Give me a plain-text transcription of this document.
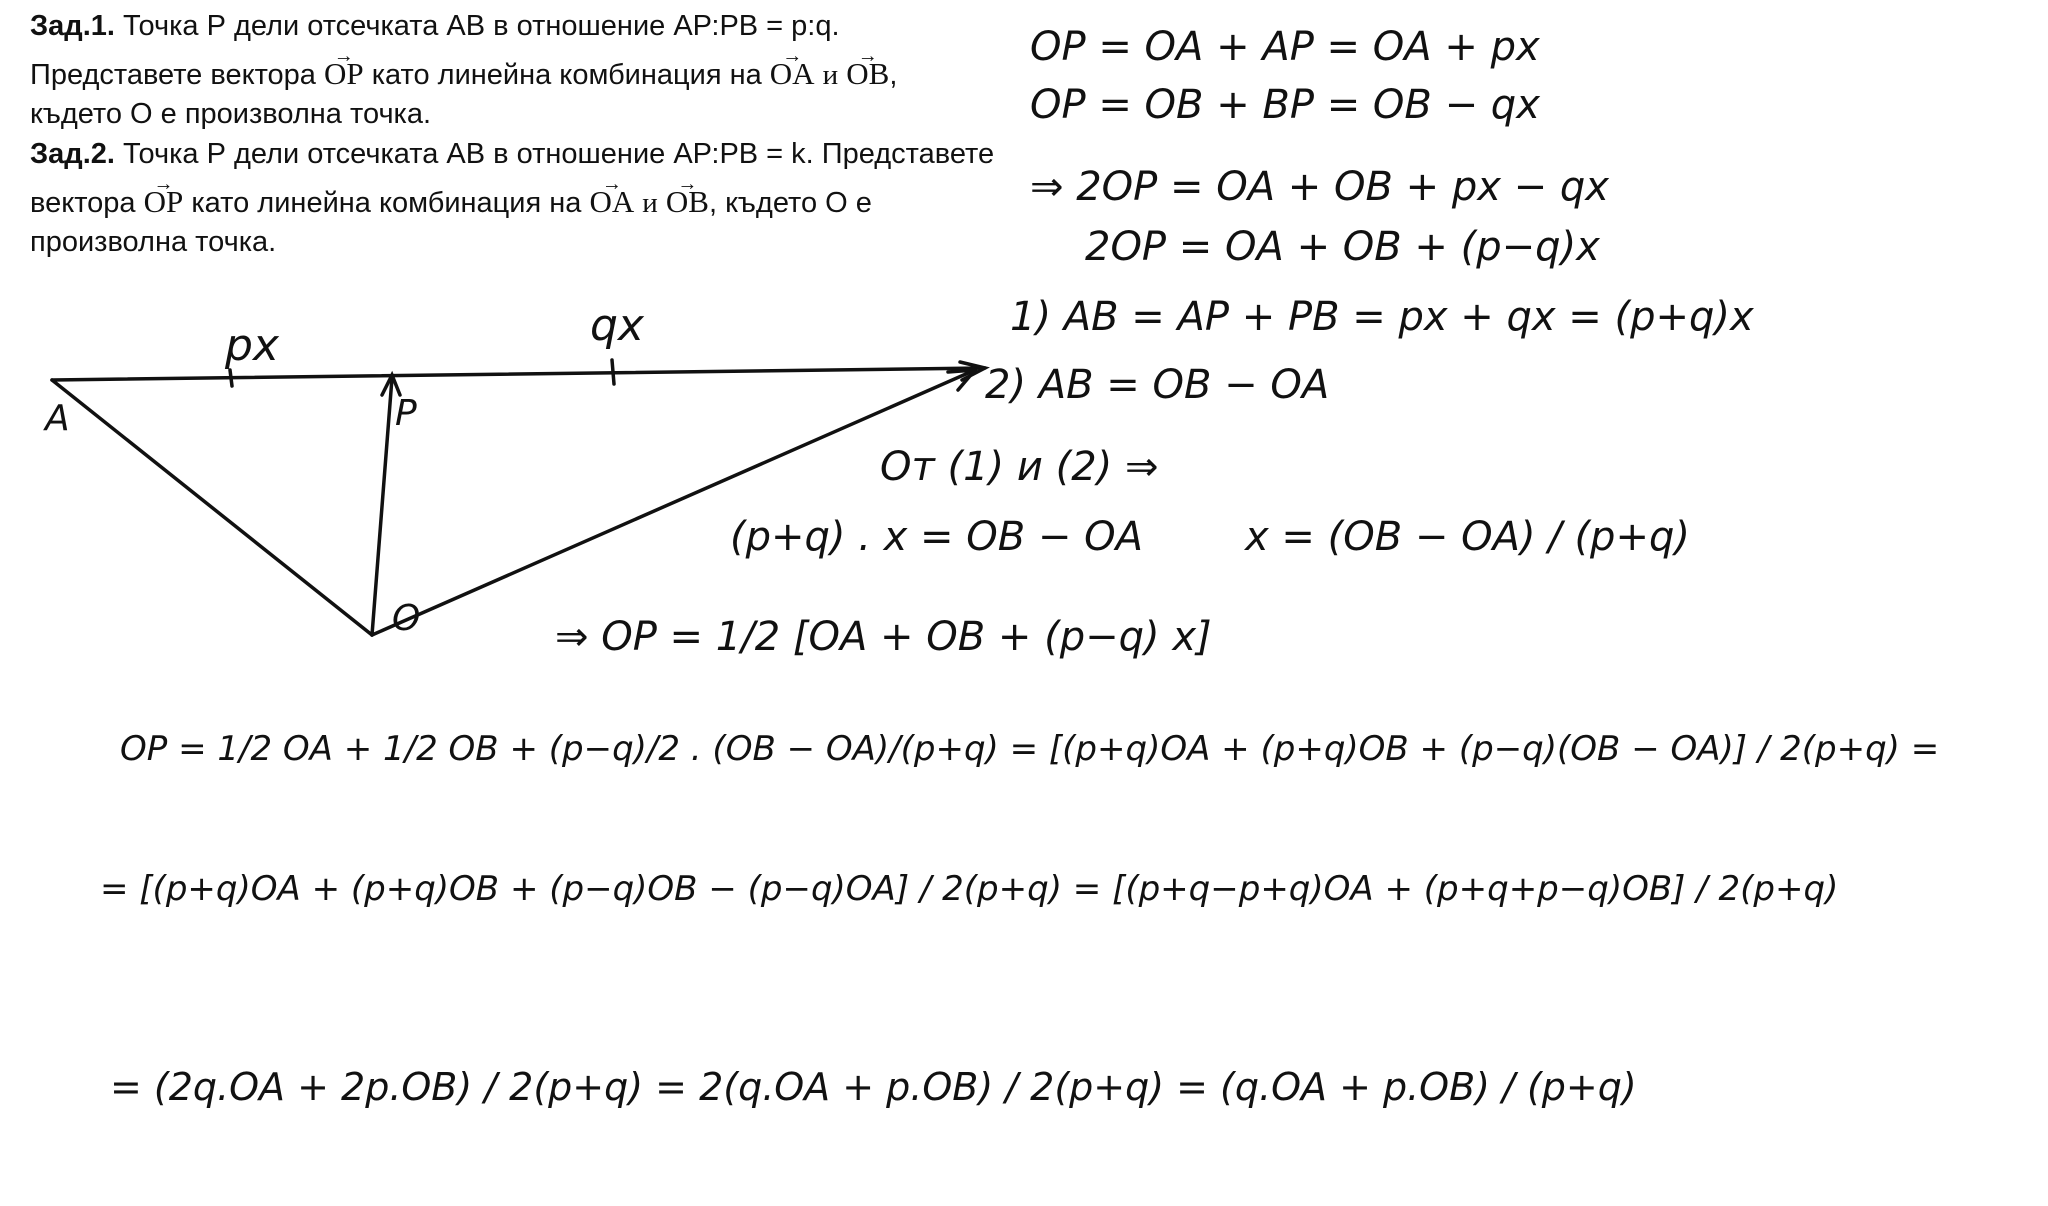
Зад.1. Точка Р дели отсечката АВ в отношение АР:РВ = p:q.
Представете вектора → OP като линейна комбинация на → OA и → OB,
където О е произволна точка.
Зад.2. Точка Р дели отсечката АВ в отношение АР:РВ = k. Представете
вектора → OP като линейна комбинация на → OA и → OB, където О е
произволна точка.
px	qx
A	P
O
OP = OA + AP = OA + px
OP = OB + BP = OB − qx
⇒ 2OP = OA + OB + px − qx
2OP = OA + OB + (p−q)x
1) AB = AP + PB = px + qx = (p+q)x
2) AB = OB − OA
От (1) и (2) ⇒
(p+q) . x = OB − OA	x = (OB − OA) / (p+q)
⇒ OP = 1/2 [OA + OB + (p−q) x]
OP = 1/2 OA + 1/2 OB + (p−q)/2 . (OB − OA)/(p+q) = [(p+q)OA + (p+q)OB + (p−q)(OB − OA)] / 2(p+q) =
= [(p+q)OA + (p+q)OB + (p−q)OB − (p−q)OA] / 2(p+q) = [(p+q−p+q)OA + (p+q+p−q)OB] / 2(p+q)
= (2q.OA + 2p.OB) / 2(p+q) = 2(q.OA + p.OB) / 2(p+q) = (q.OA + p.OB) / (p+q)
